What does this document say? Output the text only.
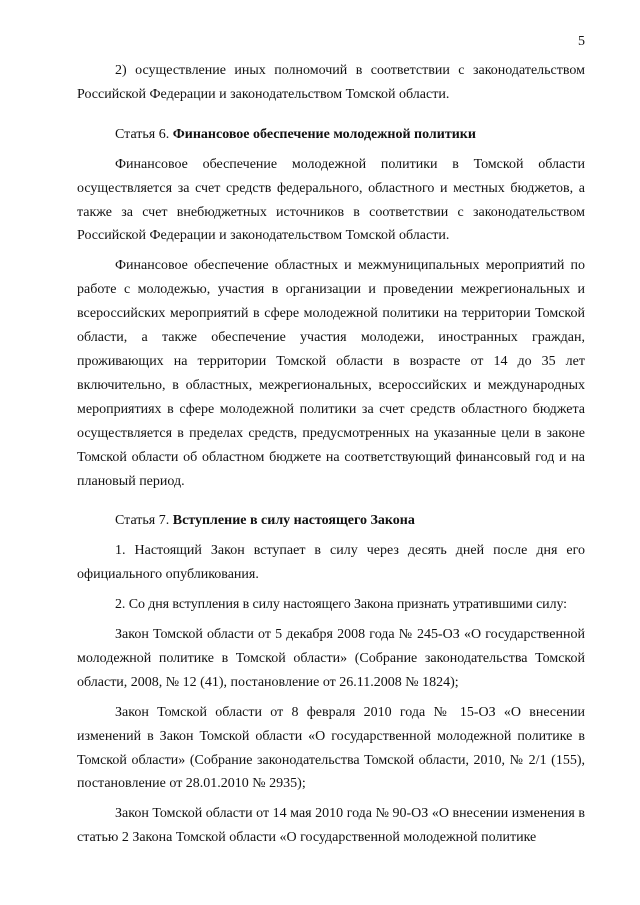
5

2) осуществление иных полномочий в соответствии с законодательством Российской Федерации и законодательством Томской области.

Статья 6. Финансовое обеспечение молодежной политики

Финансовое обеспечение молодежной политики в Томской области осуществляется за счет средств федерального, областного и местных бюджетов, а также за счет внебюджетных источников в соответствии с законодательством Российской Федерации и законодательством Томской области.

Финансовое обеспечение областных и межмуниципальных мероприятий по работе с молодежью, участия в организации и проведении межрегиональных и всероссийских мероприятий в сфере молодежной политики на территории Томской области, а также обеспечение участия молодежи, иностранных граждан, проживающих на территории Томской области в возрасте от 14 до 35 лет включительно, в областных, межрегиональных, всероссийских и международных мероприятиях в сфере молодежной политики за счет средств областного бюджета осуществляется в пределах средств, предусмотренных на указанные цели в законе Томской области об областном бюджете на соответствующий финансовый год и на плановый период.

Статья 7. Вступление в силу настоящего Закона

1. Настоящий Закон вступает в силу через десять дней после дня его официального опубликования.

2. Со дня вступления в силу настоящего Закона признать утратившими силу:

Закон Томской области от 5 декабря 2008 года № 245-ОЗ «О государственной молодежной политике в Томской области» (Собрание законодательства Томской области, 2008, № 12 (41), постановление от 26.11.2008 № 1824);

Закон Томской области от 8 февраля 2010 года № 15-ОЗ «О внесении изменений в Закон Томской области «О государственной молодежной политике в Томской области» (Собрание законодательства Томской области, 2010, № 2/1 (155), постановление от 28.01.2010 № 2935);

Закон Томской области от 14 мая 2010 года № 90-ОЗ «О внесении изменения в статью 2 Закона Томской области «О государственной молодежной политике
